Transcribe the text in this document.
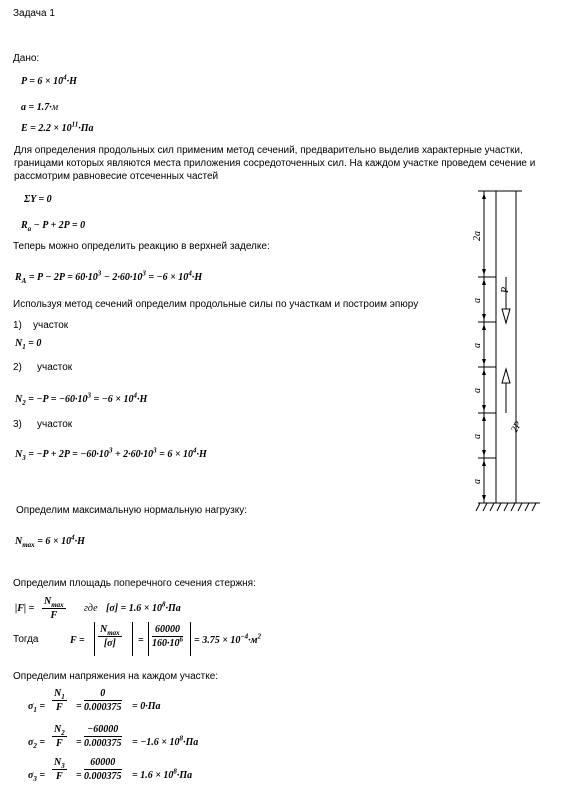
Задача 1
Дано:
$P = 6 \times 10^4\cdot H$
a = 1.7·м
$E = 2.2 \times 10^{11}\cdot Па$
Для определения продольных сил применим метод сечений, предварительно выделив характерные участки, границами которых являются места приложения сосредоточенных сил. На каждом участке проведем сечение и рассмотрим равновесие отсеченных частей
ΣY = 0
$R_a - P + 2P = 0$
Теперь можно определить реакцию в верхней заделке:
$R_A = P - 2P = 60\cdot 10^3 - 2\cdot 60\cdot 10^3 = -6 \times 10^4\cdot H$
Используя метод сечений определим продольные силы по участкам и построим эпюру
1) участок
$N_1 = 0$
2) участок
$N_2 = -P = -60\cdot 10^3 = -6 \times 10^4\cdot H$
3) участок
$N_3 = -P + 2P = -60\cdot 10^3 + 2\cdot 60\cdot 10^3 = 6 \times 10^4\cdot H$
Определим максимальную нормальную нагрузку:
$N_{max} = 6 \times 10^4\cdot H$
Определим площадь поперечного сечения стержня:
|F| =
$N_{max}$
F
где $[\sigma] = 1.6 \times 10^8\cdot Па$
Тогда	F =
$N_{max}$
[σ]	= $\frac{60000}{160\cdot 10^6} = 3.75 \times 10^{-4}\cdot м^2$
Определим напряжения на каждом участке:
$\sigma_1 = \frac{N_1}{F} = \frac{0}{0.000375} = 0\cdot Па$
$\sigma_2 = \frac{N_2}{F} = \frac{-60000}{0.000375} = -1.6 \times 10^8\cdot Па$
$\sigma_3 = \frac{N_3}{F} = \frac{60000}{0.000375} = 1.6 \times 10^8\cdot Па$
2a
a
a
a
a
a
P
2P
